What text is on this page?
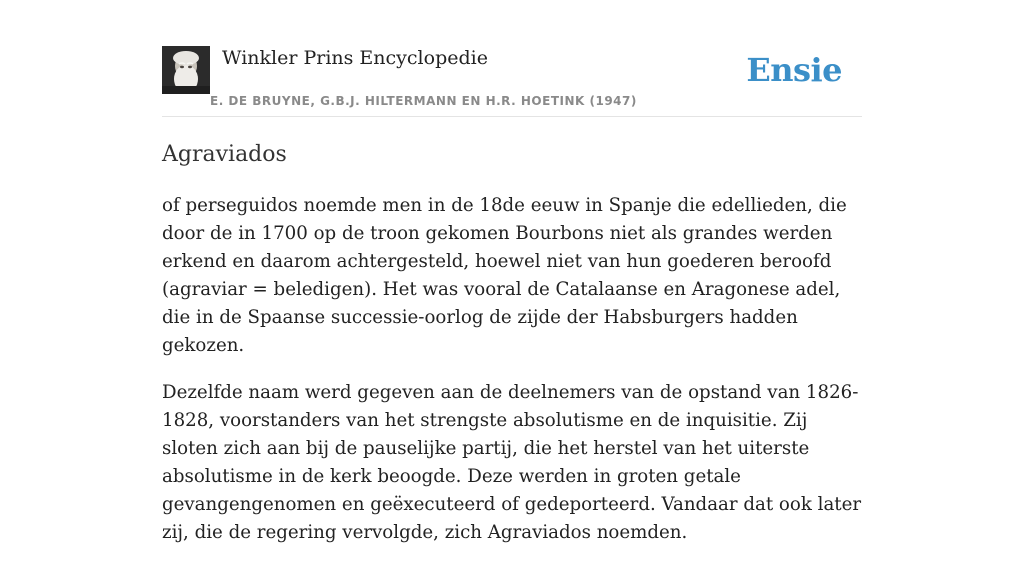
Winkler Prins Encyclopedie
E. DE BRUYNE, G.B.J. HILTERMANN EN H.R. HOETINK (1947)
Ensie
Agraviados

of perseguidos noemde men in de 18de eeuw in Spanje die edellieden, die door de in 1700 op de troon gekomen Bourbons niet als grandes werden erkend en daarom achtergesteld, hoewel niet van hun goederen beroofd (agraviar = beledigen). Het was vooral de Catalaanse en Aragonese adel, die in de Spaanse successie-oorlog de zijde der Habsburgers hadden gekozen.

Dezelfde naam werd gegeven aan de deelnemers van de opstand van 1826-1828, voorstanders van het strengste absolutisme en de inquisitie. Zij sloten zich aan bij de pauselijke partij, die het herstel van het uiterste absolutisme in de kerk beoogde. Deze werden in groten getale gevangengenomen en geëxecuteerd of gedeporteerd. Vandaar dat ook later zij, die de regering vervolgde, zich Agraviados noemden.
